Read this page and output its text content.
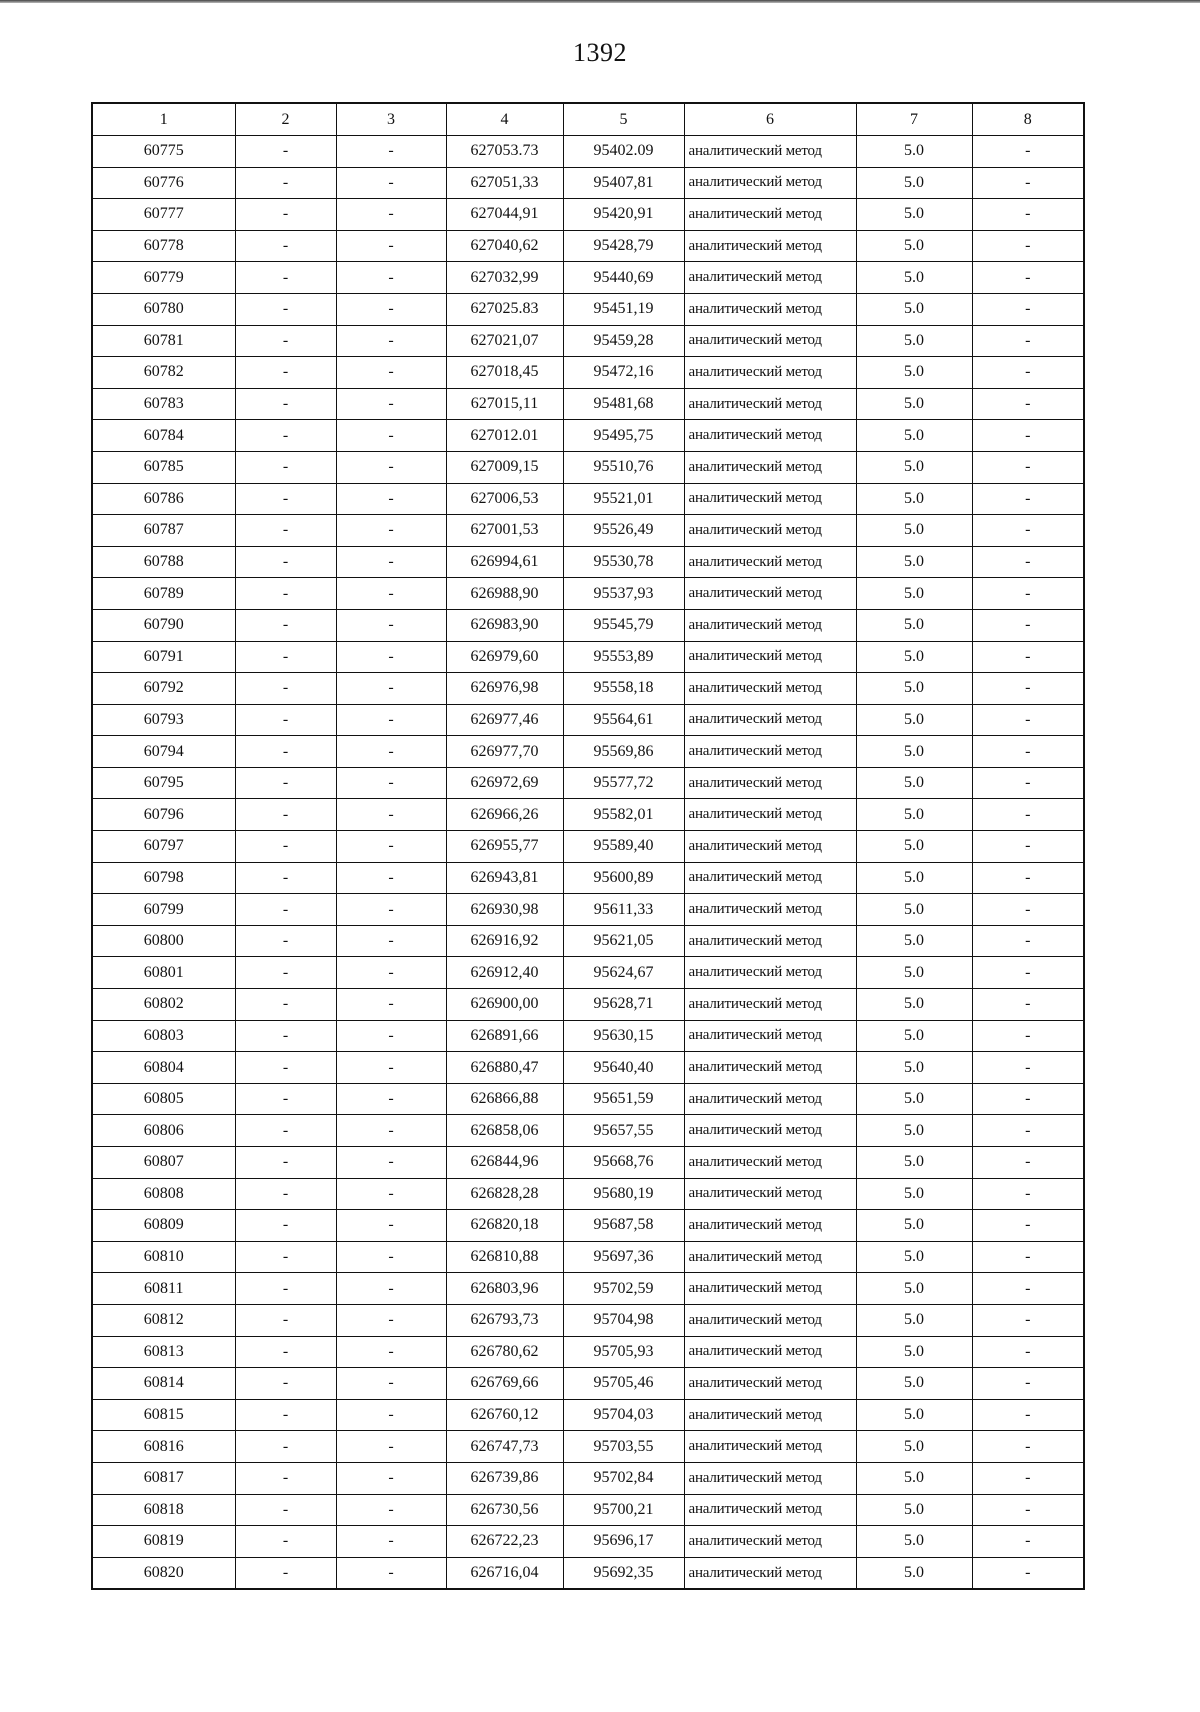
1392
1	2	3	4	5	6	7	8
60775	-	-	627053.73	95402.09	аналитический метод	5.0	-
60776	-	-	627051,33	95407,81	аналитический метод	5.0	-
60777	-	-	627044,91	95420,91	аналитический метод	5.0	-
60778	-	-	627040,62	95428,79	аналитический метод	5.0	-
60779	-	-	627032,99	95440,69	аналитический метод	5.0	-
60780	-	-	627025.83	95451,19	аналитический метод	5.0	-
60781	-	-	627021,07	95459,28	аналитический метод	5.0	-
60782	-	-	627018,45	95472,16	аналитический метод	5.0	-
60783	-	-	627015,11	95481,68	аналитический метод	5.0	-
60784	-	-	627012.01	95495,75	аналитический метод	5.0	-
60785	-	-	627009,15	95510,76	аналитический метод	5.0	-
60786	-	-	627006,53	95521,01	аналитический метод	5.0	-
60787	-	-	627001,53	95526,49	аналитический метод	5.0	-
60788	-	-	626994,61	95530,78	аналитический метод	5.0	-
60789	-	-	626988,90	95537,93	аналитический метод	5.0	-
60790	-	-	626983,90	95545,79	аналитический метод	5.0	-
60791	-	-	626979,60	95553,89	аналитический метод	5.0	-
60792	-	-	626976,98	95558,18	аналитический метод	5.0	-
60793	-	-	626977,46	95564,61	аналитический метод	5.0	-
60794	-	-	626977,70	95569,86	аналитический метод	5.0	-
60795	-	-	626972,69	95577,72	аналитический метод	5.0	-
60796	-	-	626966,26	95582,01	аналитический метод	5.0	-
60797	-	-	626955,77	95589,40	аналитический метод	5.0	-
60798	-	-	626943,81	95600,89	аналитический метод	5.0	-
60799	-	-	626930,98	95611,33	аналитический метод	5.0	-
60800	-	-	626916,92	95621,05	аналитический метод	5.0	-
60801	-	-	626912,40	95624,67	аналитический метод	5.0	-
60802	-	-	626900,00	95628,71	аналитический метод	5.0	-
60803	-	-	626891,66	95630,15	аналитический метод	5.0	-
60804	-	-	626880,47	95640,40	аналитический метод	5.0	-
60805	-	-	626866,88	95651,59	аналитический метод	5.0	-
60806	-	-	626858,06	95657,55	аналитический метод	5.0	-
60807	-	-	626844,96	95668,76	аналитический метод	5.0	-
60808	-	-	626828,28	95680,19	аналитический метод	5.0	-
60809	-	-	626820,18	95687,58	аналитический метод	5.0	-
60810	-	-	626810,88	95697,36	аналитический метод	5.0	-
60811	-	-	626803,96	95702,59	аналитический метод	5.0	-
60812	-	-	626793,73	95704,98	аналитический метод	5.0	-
60813	-	-	626780,62	95705,93	аналитический метод	5.0	-
60814	-	-	626769,66	95705,46	аналитический метод	5.0	-
60815	-	-	626760,12	95704,03	аналитический метод	5.0	-
60816	-	-	626747,73	95703,55	аналитический метод	5.0	-
60817	-	-	626739,86	95702,84	аналитический метод	5.0	-
60818	-	-	626730,56	95700,21	аналитический метод	5.0	-
60819	-	-	626722,23	95696,17	аналитический метод	5.0	-
60820	-	-	626716,04	95692,35	аналитический метод	5.0	-
